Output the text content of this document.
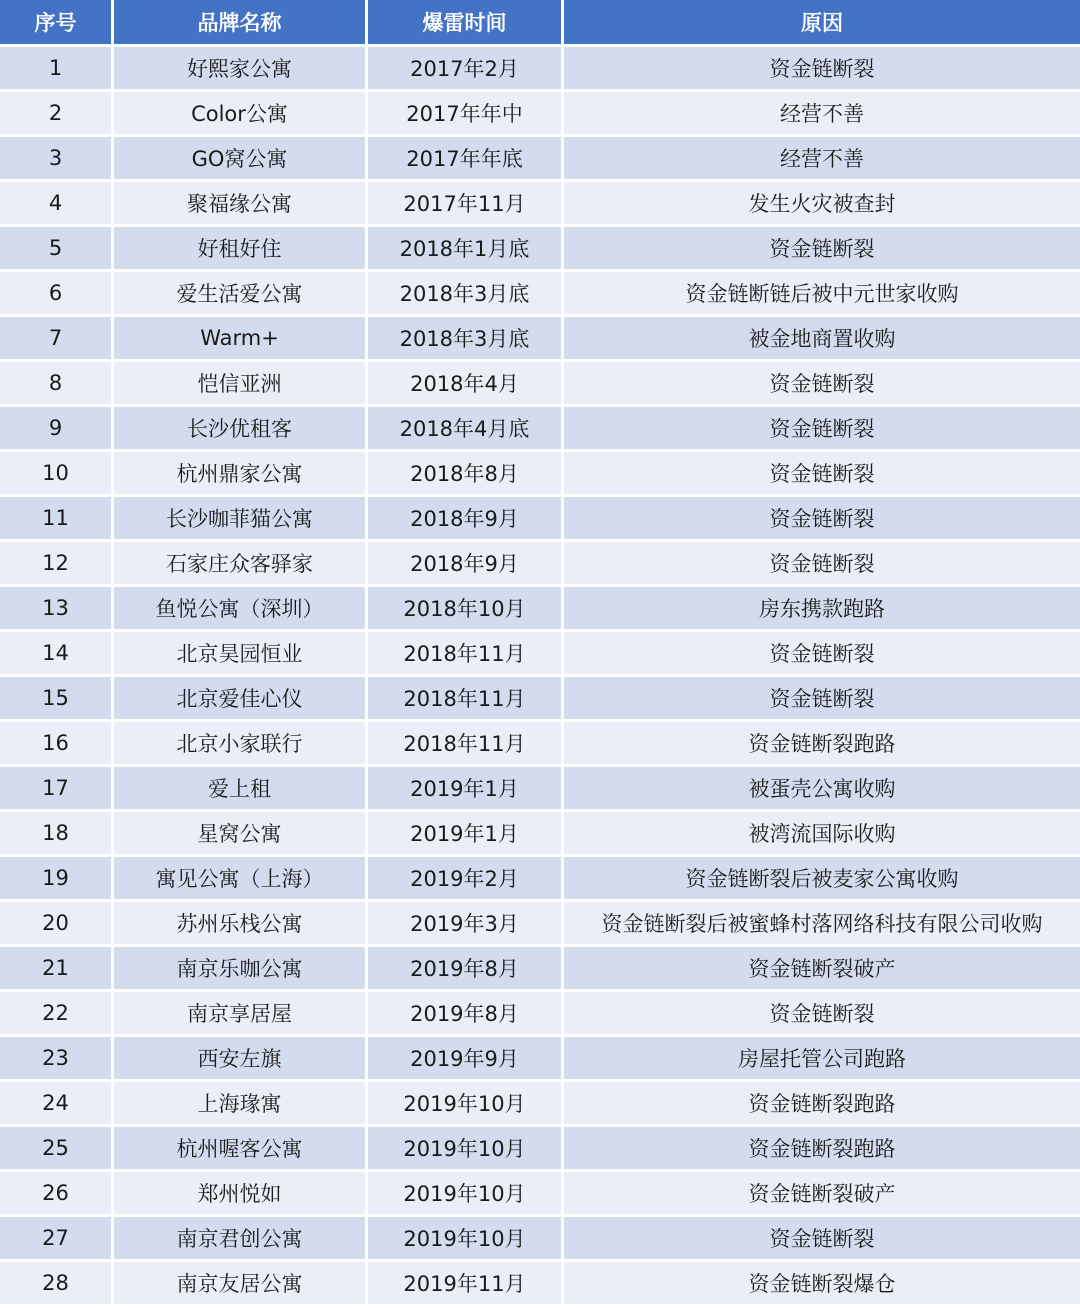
序号	品牌名称	爆雷时间	原因
1	好熙家公寓	2017年2月	资金链断裂
2	Color公寓	2017年年中	经营不善
3	GO窝公寓	2017年年底	经营不善
4	聚福缘公寓	2017年11月	发生火灾被查封
5	好租好住	2018年1月底	资金链断裂
6	爱生活爱公寓	2018年3月底	资金链断链后被中元世家收购
7	Warm+	2018年3月底	被金地商置收购
8	恺信亚洲	2018年4月	资金链断裂
9	长沙优租客	2018年4月底	资金链断裂
10	杭州鼎家公寓	2018年8月	资金链断裂
11	长沙咖菲猫公寓	2018年9月	资金链断裂
12	石家庄众客驿家	2018年9月	资金链断裂
13	鱼悦公寓（深圳）	2018年10月	房东携款跑路
14	北京昊园恒业	2018年11月	资金链断裂
15	北京爱佳心仪	2018年11月	资金链断裂
16	北京小家联行	2018年11月	资金链断裂跑路
17	爱上租	2019年1月	被蛋壳公寓收购
18	星窝公寓	2019年1月	被湾流国际收购
19	寓见公寓（上海）	2019年2月	资金链断裂后被麦家公寓收购
20	苏州乐栈公寓	2019年3月	资金链断裂后被蜜蜂村落网络科技有限公司收购
21	南京乐咖公寓	2019年8月	资金链断裂破产
22	南京享居屋	2019年8月	资金链断裂
23	西安左旗	2019年9月	房屋托管公司跑路
24	上海瑑寓	2019年10月	资金链断裂跑路
25	杭州喔客公寓	2019年10月	资金链断裂跑路
26	郑州悦如	2019年10月	资金链断裂破产
27	南京君创公寓	2019年10月	资金链断裂
28	南京友居公寓	2019年11月	资金链断裂爆仓
